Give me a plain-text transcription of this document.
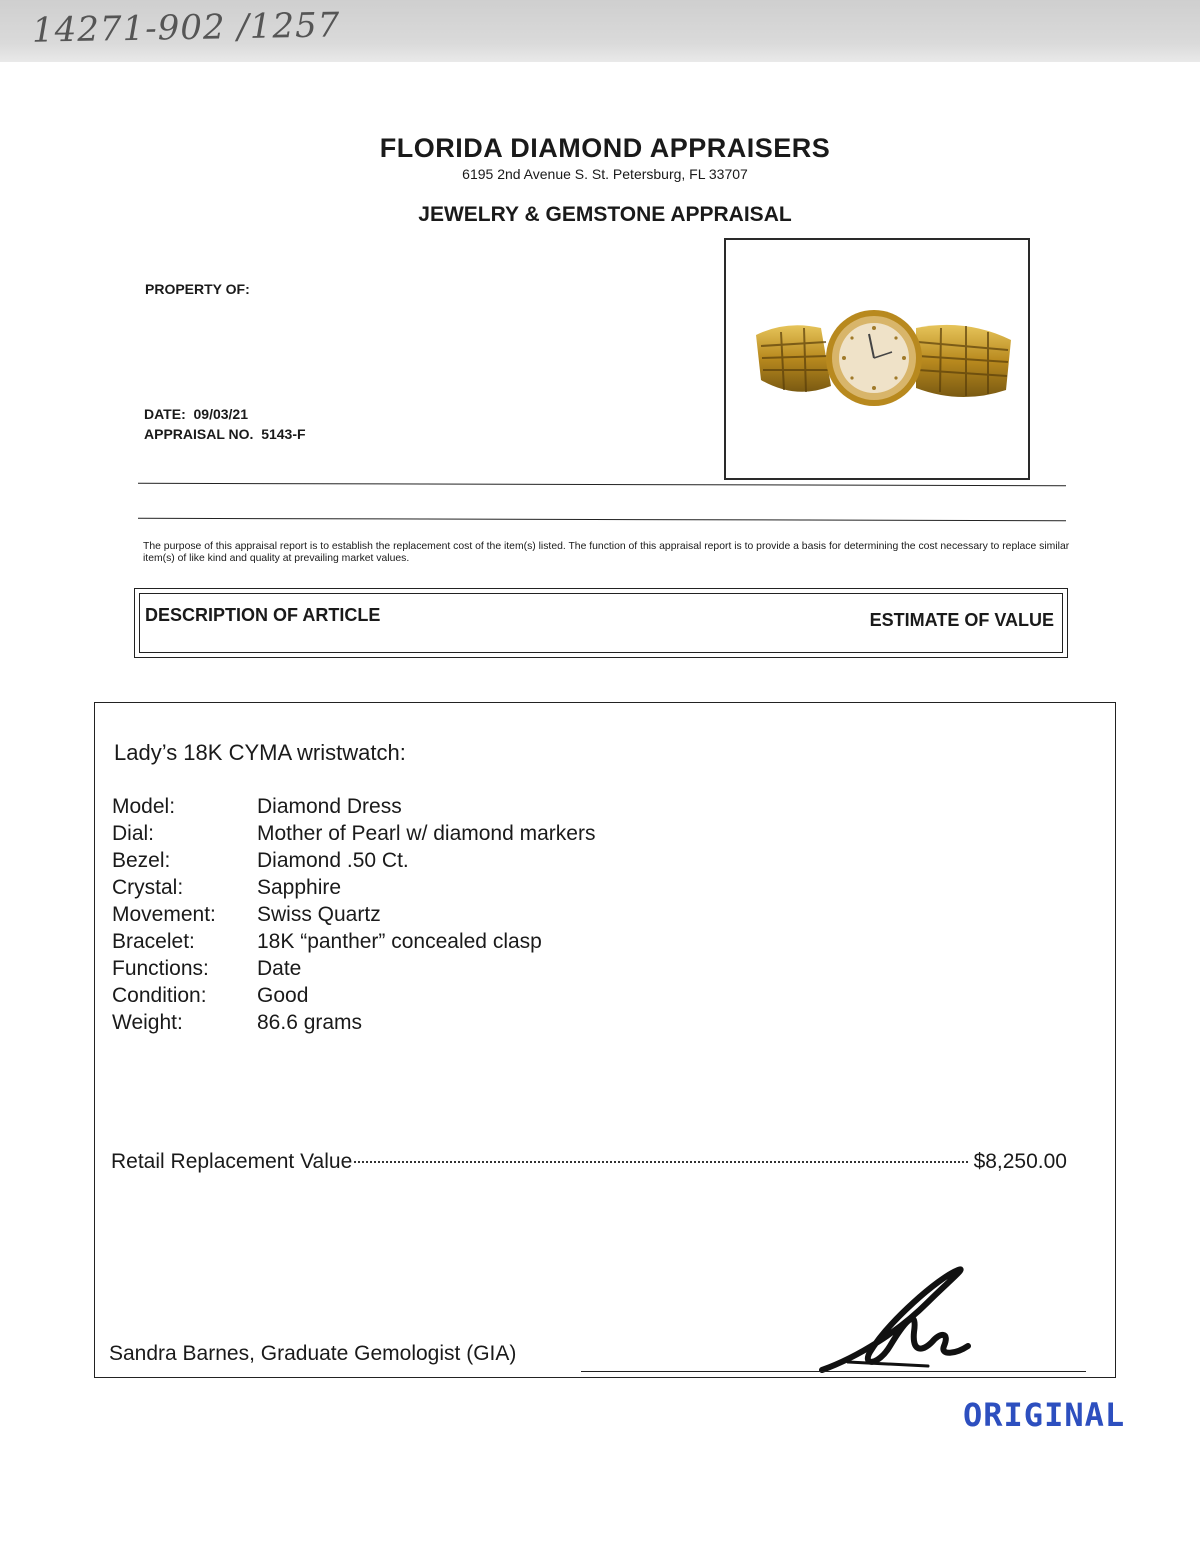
14271-902 /1257
FLORIDA DIAMOND APPRAISERS
6195 2nd Avenue S. St. Petersburg, FL 33707
JEWELRY & GEMSTONE APPRAISAL
PROPERTY OF:
DATE:  09/03/21
APPRAISAL NO.  5143-F
The purpose of this appraisal report is to establish the replacement cost of the item(s) listed. The function of this appraisal report is to provide a basis for determining the cost necessary to replace similar item(s) of like kind and quality at prevailing market values.
DESCRIPTION OF ARTICLE	ESTIMATE OF VALUE
Lady’s 18K CYMA wristwatch:
Model:	Diamond Dress
Dial:	Mother of Pearl w/ diamond markers
Bezel:	Diamond .50 Ct.
Crystal:	Sapphire
Movement: Swiss Quartz
Bracelet:	18K “panther” concealed clasp
Functions: Date
Condition: Good
Weight:	86.6 grams
Retail Replacement Value	$8,250.00
Sandra Barnes, Graduate Gemologist (GIA)
ORIGINAL
